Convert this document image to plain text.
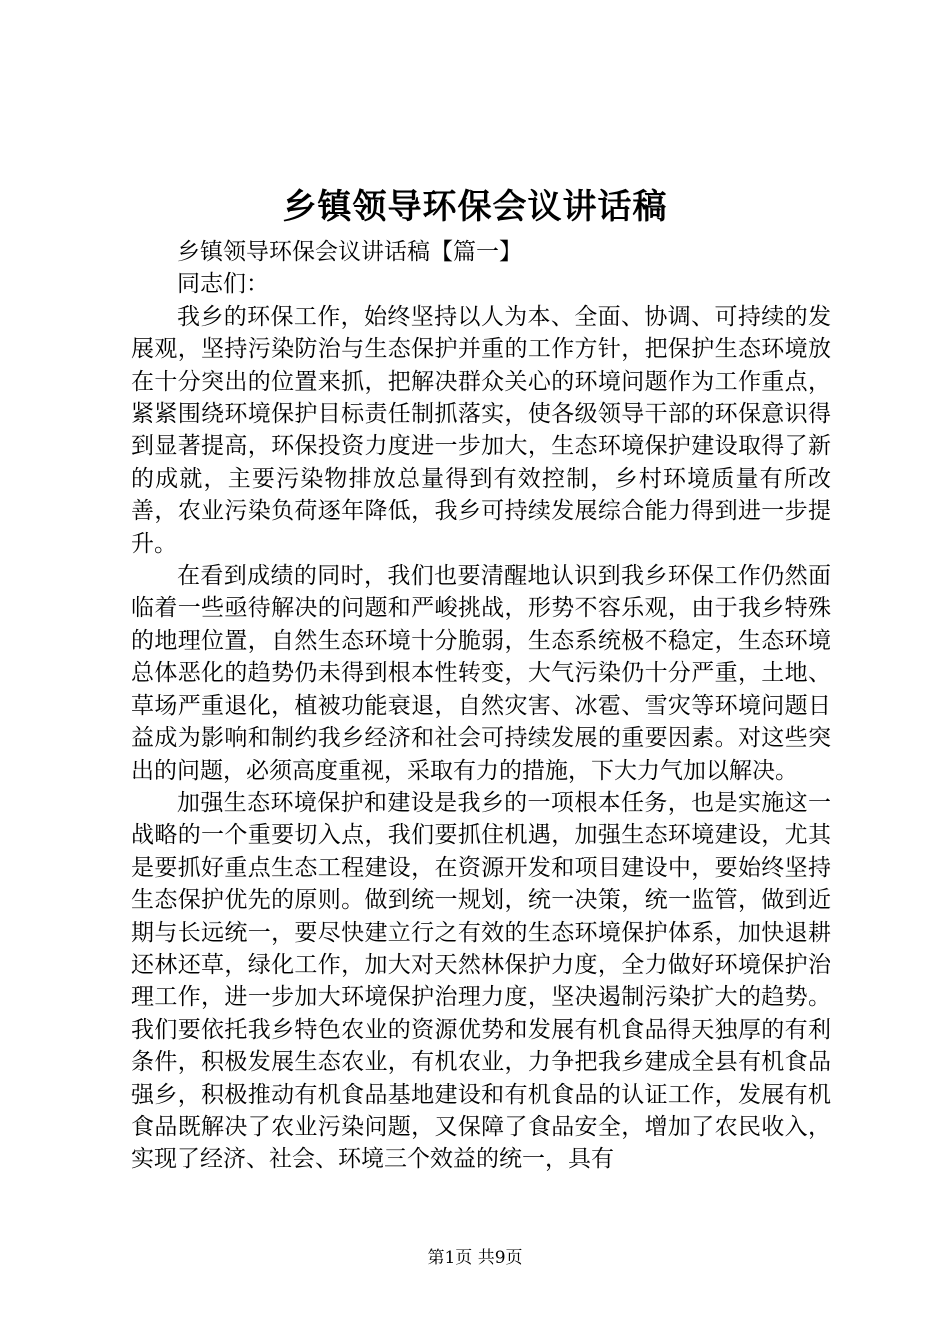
乡镇领导环保会议讲话稿

乡镇领导环保会议讲话稿【篇一】

同志们：

我乡的环保工作，始终坚持以人为本、全面、协调、可持续的发展观，坚持污染防治与生态保护并重的工作方针，把保护生态环境放在十分突出的位置来抓，把解决群众关心的环境问题作为工作重点，紧紧围绕环境保护目标责任制抓落实，使各级领导干部的环保意识得到显著提高，环保投资力度进一步加大，生态环境保护建设取得了新的成就，主要污染物排放总量得到有效控制，乡村环境质量有所改善，农业污染负荷逐年降低，我乡可持续发展综合能力得到进一步提升。

在看到成绩的同时，我们也要清醒地认识到我乡环保工作仍然面临着一些亟待解决的问题和严峻挑战，形势不容乐观，由于我乡特殊的地理位置，自然生态环境十分脆弱，生态系统极不稳定，生态环境总体恶化的趋势仍未得到根本性转变，大气污染仍十分严重，土地、草场严重退化，植被功能衰退，自然灾害、冰雹、雪灾等环境问题日益成为影响和制约我乡经济和社会可持续发展的重要因素。对这些突出的问题，必须高度重视，采取有力的措施，下大力气加以解决。

加强生态环境保护和建设是我乡的一项根本任务，也是实施这一战略的一个重要切入点，我们要抓住机遇，加强生态环境建设，尤其是要抓好重点生态工程建设，在资源开发和项目建设中，要始终坚持生态保护优先的原则。做到统一规划，统一决策，统一监管，做到近期与长远统一，要尽快建立行之有效的生态环境保护体系，加快退耕还林还草，绿化工作，加大对天然林保护力度，全力做好环境保护治理工作，进一步加大环境保护治理力度，坚决遏制污染扩大的趋势。我们要依托我乡特色农业的资源优势和发展有机食品得天独厚的有利条件，积极发展生态农业，有机农业，力争把我乡建成全县有机食品强乡，积极推动有机食品基地建设和有机食品的认证工作，发展有机食品既解决了农业污染问题，又保障了食品安全，增加了农民收入，实现了经济、社会、环境三个效益的统一，具有

第1页 共9页
